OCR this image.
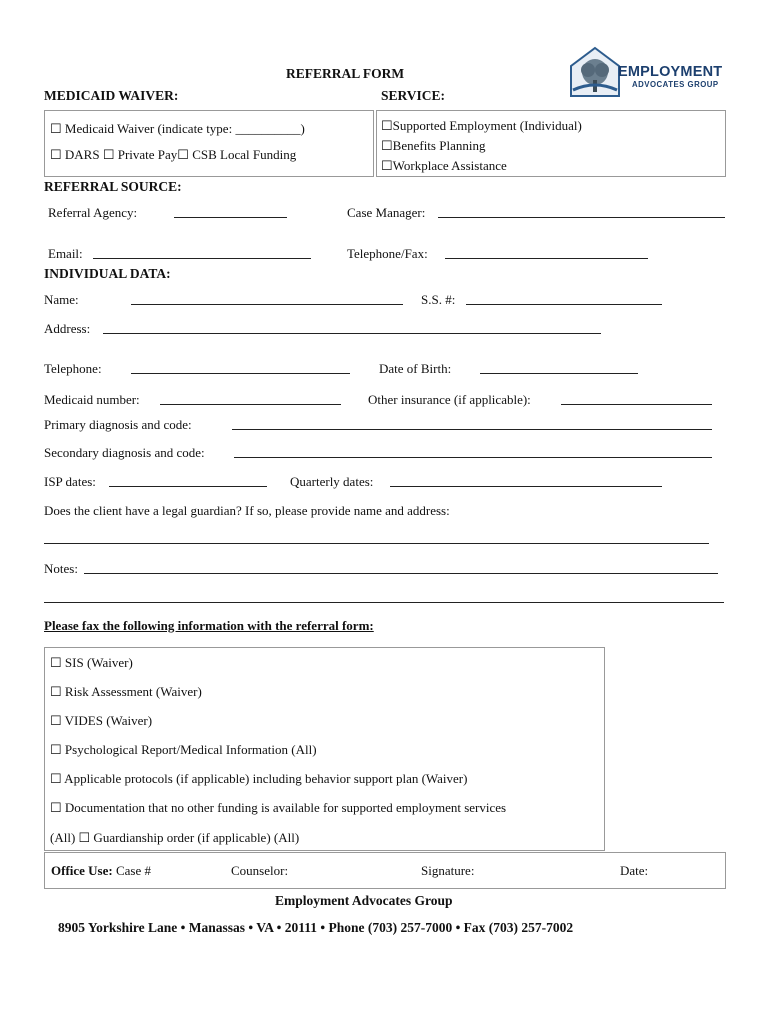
EMPLOYMENT
ADVOCATES GROUP
REFERRAL FORM
MEDICAID WAIVER:	SERVICE:
☐ Medicaid Waiver (indicate type: __________)
☐ DARS ☐ Private Pay☐ CSB Local Funding
☐Supported Employment (Individual)
☐Benefits Planning
☐Workplace Assistance
REFERRAL SOURCE:
Referral Agency:	Case Manager:
Email:	Telephone/Fax:
INDIVIDUAL DATA:
Name:	S.S. #:
Address:
Telephone:	Date of Birth:
Medicaid number:	Other insurance (if applicable):
Primary diagnosis and code:
Secondary diagnosis and code:
ISP dates:	Quarterly dates:
Does the client have a legal guardian? If so, please provide name and address:
Notes:
Please fax the following information with the referral form:
☐ SIS (Waiver)
☐ Risk Assessment (Waiver)
☐ VIDES (Waiver)
☐ Psychological Report/Medical Information (All)
☐ Applicable protocols (if applicable) including behavior support plan (Waiver)
☐ Documentation that no other funding is available for supported employment services
(All) ☐ Guardianship order (if applicable) (All)
Office Use: Case #	Counselor:	Signature:	Date:
Employment Advocates Group
8905 Yorkshire Lane • Manassas • VA • 20111 • Phone (703) 257-7000 • Fax (703) 257-7002
